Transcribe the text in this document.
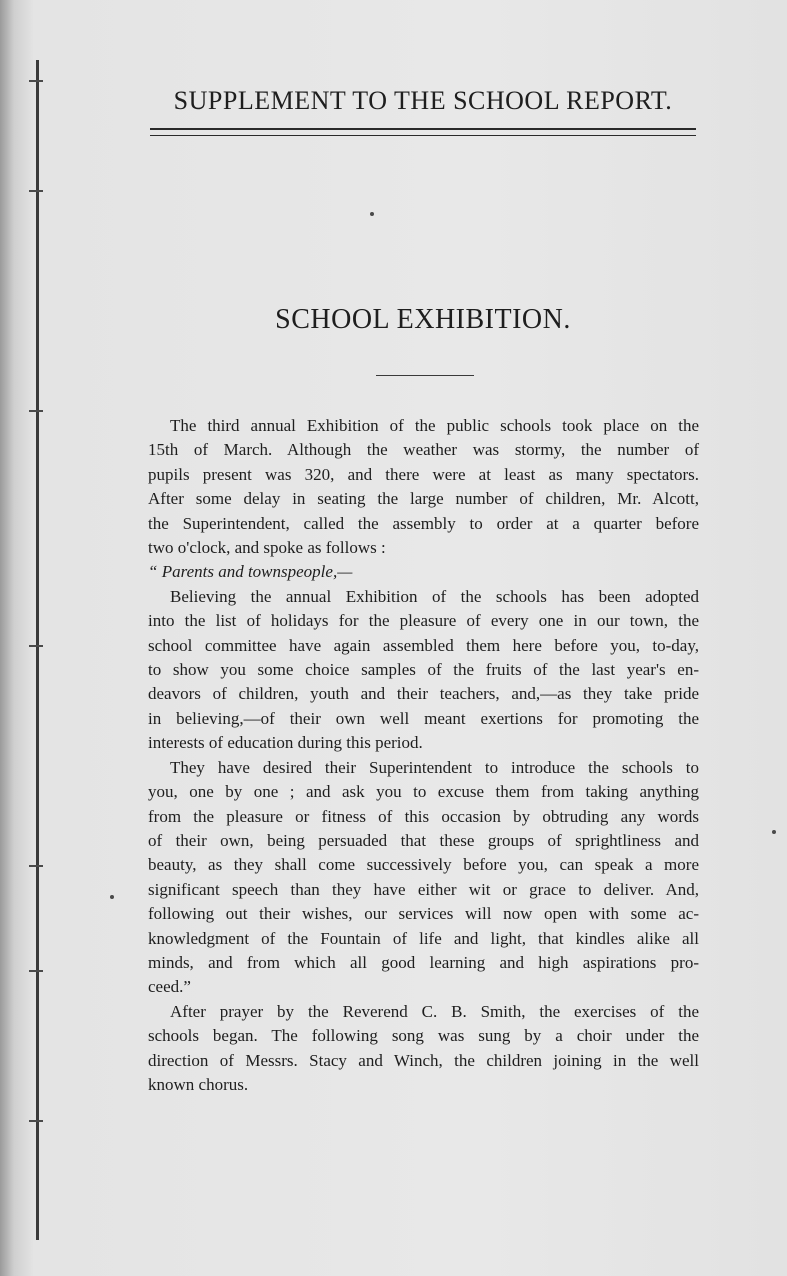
SUPPLEMENT TO THE SCHOOL REPORT.
SCHOOL EXHIBITION.
The third annual Exhibition of the public schools took place on the
15th of March. Although the weather was stormy, the number of
pupils present was 320, and there were at least as many spectators.
After some delay in seating the large number of children, Mr. Alcott,
the Superintendent, called the assembly to order at a quarter before
two o'clock, and spoke as follows :
“ Parents and townspeople,—
Believing the annual Exhibition of the schools has been adopted
into the list of holidays for the pleasure of every one in our town, the
school committee have again assembled them here before you, to-day,
to show you some choice samples of the fruits of the last year's en-
deavors of children, youth and their teachers, and,—as they take pride
in believing,—of their own well meant exertions for promoting the
interests of education during this period.
They have desired their Superintendent to introduce the schools to
you, one by one ; and ask you to excuse them from taking anything
from the pleasure or fitness of this occasion by obtruding any words
of their own, being persuaded that these groups of sprightliness and
beauty, as they shall come successively before you, can speak a more
significant speech than they have either wit or grace to deliver. And,
following out their wishes, our services will now open with some ac-
knowledgment of the Fountain of life and light, that kindles alike all
minds, and from which all good learning and high aspirations pro-
ceed.”
After prayer by the Reverend C. B. Smith, the exercises of the
schools began. The following song was sung by a choir under the
direction of Messrs. Stacy and Winch, the children joining in the well
known chorus.
